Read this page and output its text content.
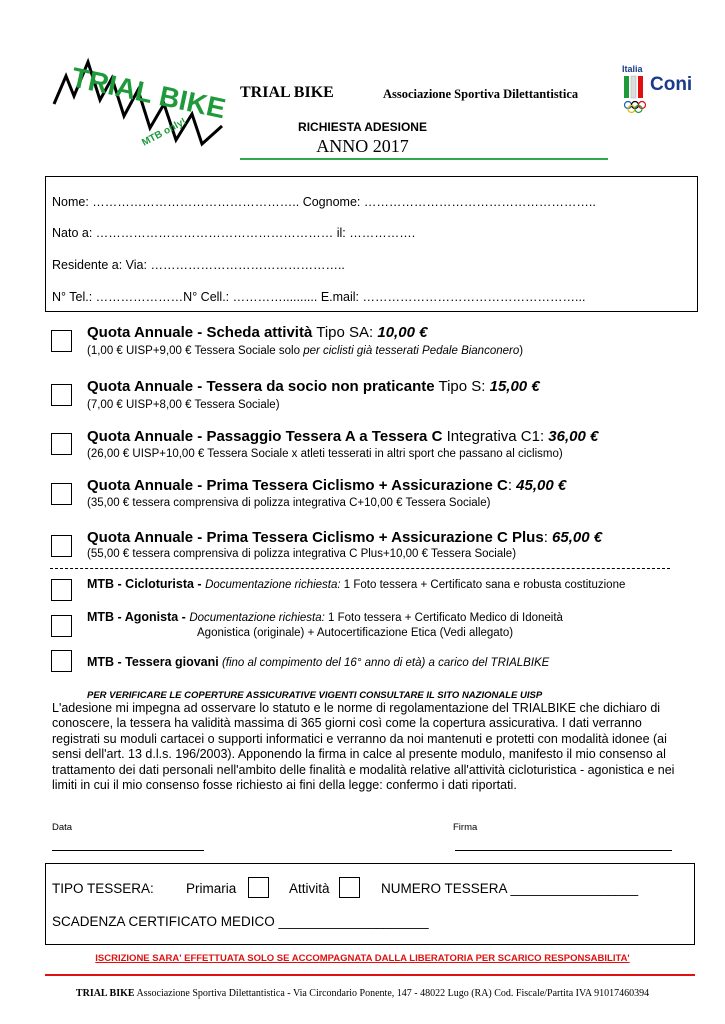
TRIAL BIKE
MTB only!
TRIAL BIKE	Associazione Sportiva Dilettantistica
Italia
Coni
RICHIESTA ADESIONE
ANNO 2017
Nome: ………………………………………….. Cognome: ………………………………………………..
Nato a: ………………………………………………… il: …………….
Residente a: Via: ………………………………………..
N° Tel.: …………………N° Cell.: ………….......... E.mail: ……………………………………………...
Quota Annuale - Scheda attività Tipo SA: 10,00 €
(1,00 € UISP+9,00 € Tessera Sociale solo per ciclisti già tesserati Pedale Bianconero)
Quota Annuale - Tessera da socio non praticante Tipo S: 15,00 €
(7,00 € UISP+8,00 € Tessera Sociale)
Quota Annuale - Passaggio Tessera A a Tessera C Integrativa C1: 36,00 €
(26,00 € UISP+10,00 € Tessera Sociale x atleti tesserati in altri sport che passano al ciclismo)
Quota Annuale - Prima Tessera Ciclismo + Assicurazione C: 45,00 €
(35,00 € tessera comprensiva di polizza integrativa C+10,00 € Tessera Sociale)
Quota Annuale - Prima Tessera Ciclismo + Assicurazione C Plus: 65,00 €
(55,00 € tessera comprensiva di polizza integrativa C Plus+10,00 € Tessera Sociale)
MTB - Cicloturista - Documentazione richiesta: 1 Foto tessera + Certificato sana e robusta costituzione
MTB - Agonista - Documentazione richiesta: 1 Foto tessera + Certificato Medico di Idoneità
Agonistica (originale) + Autocertificazione Etica (Vedi allegato)
MTB - Tessera giovani (fino al compimento del 16° anno di età) a carico del TRIALBIKE
PER VERIFICARE LE COPERTURE ASSICURATIVE VIGENTI CONSULTARE IL SITO NAZIONALE UISP
L'adesione mi impegna ad osservare lo statuto e le norme di regolamentazione del TRIALBIKE che dichiaro di conoscere, la tessera ha validità massima di 365 giorni così come la copertura assicurativa. I dati verranno registrati su moduli cartacei o supporti informatici e verranno da noi mantenuti e protetti con modalità idonee (ai sensi dell'art. 13 d.l.s. 196/2003). Apponendo la firma in calce al presente modulo, manifesto il mio consenso al trattamento dei dati personali nell'ambito delle finalità e modalità relative all'attività cicloturistica - agonistica e nei limiti in cui il mio consenso fosse richiesto ai fini della legge: confermo i dati riportati.
Data	Firma
TIPO TESSERA: Primaria	Attività	NUMERO TESSERA _________________
SCADENZA CERTIFICATO MEDICO ____________________
ISCRIZIONE SARA' EFFETTUATA SOLO SE ACCOMPAGNATA DALLA LIBERATORIA PER SCARICO RESPONSABILITA'
TRIAL BIKE Associazione Sportiva Dilettantistica - Via Circondario Ponente, 147 - 48022 Lugo (RA) Cod. Fiscale/Partita IVA 91017460394
